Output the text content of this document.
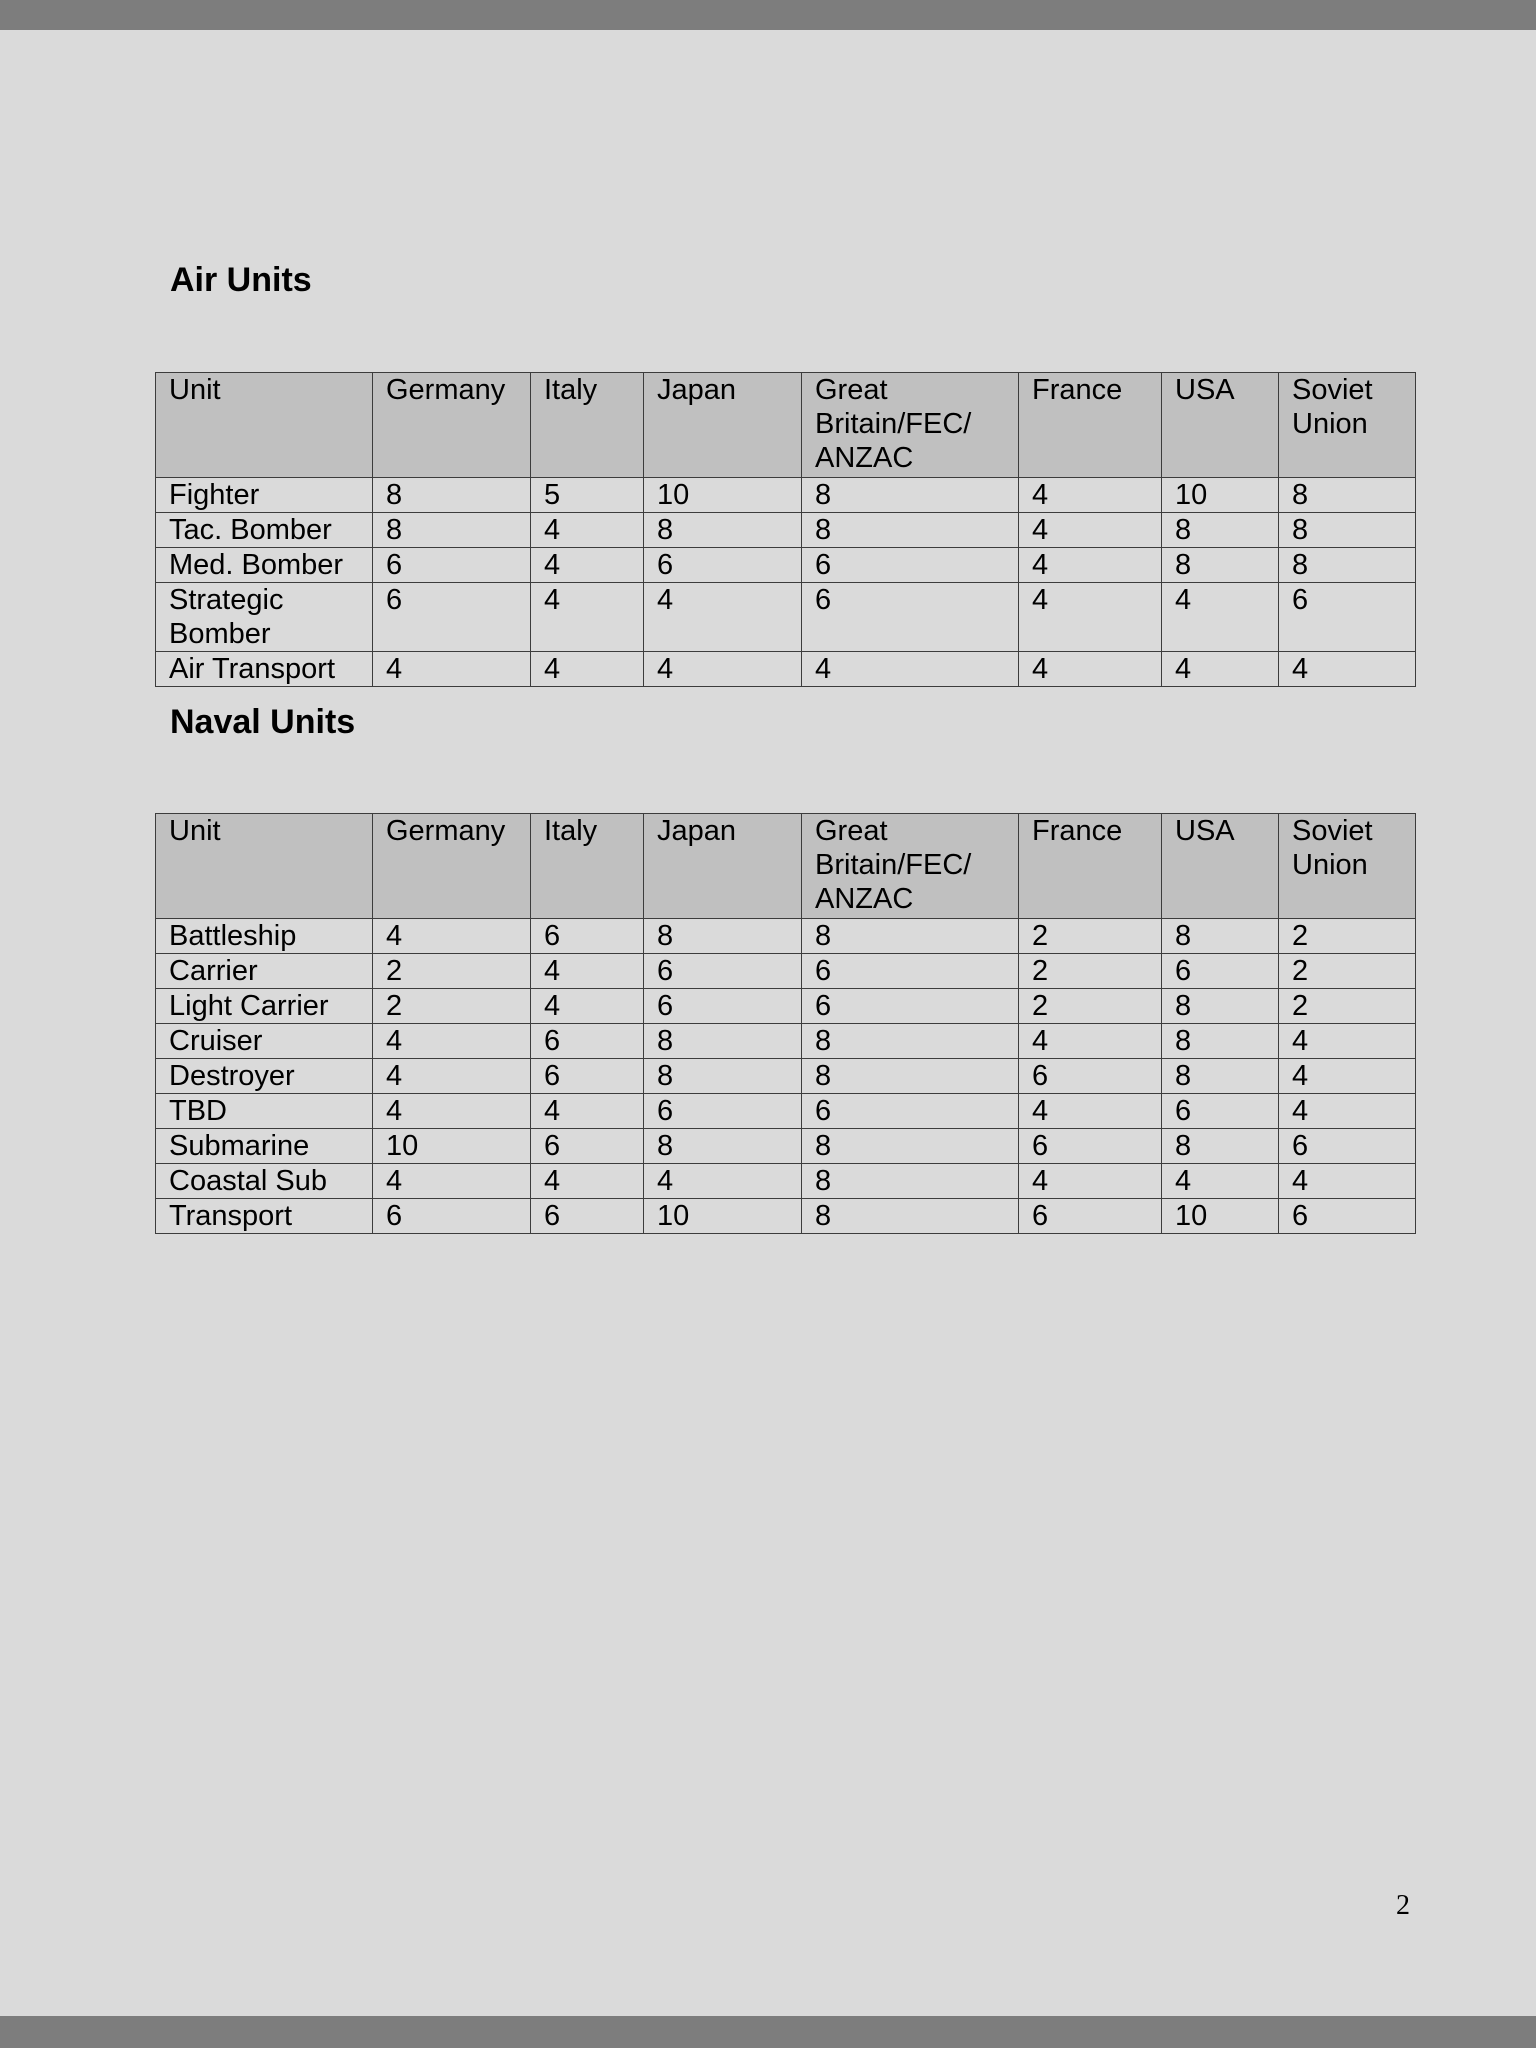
Air Units
Unit	Germany	Italy	Japan	Great Britain/FEC/ ANZAC	France	USA	Soviet Union
Fighter	8	5	10	8	4	10	8
Tac. Bomber	8	4	8	8	4	8	8
Med. Bomber	6	4	6	6	4	8	8
Strategic Bomber	6	4	4	6	4	4	6
Air Transport	4	4	4	4	4	4	4
Naval Units
Unit	Germany	Italy	Japan	Great Britain/FEC/ ANZAC	France	USA	Soviet Union
Battleship	4	6	8	8	2	8	2
Carrier	2	4	6	6	2	6	2
Light Carrier	2	4	6	6	2	8	2
Cruiser	4	6	8	8	4	8	4
Destroyer	4	6	8	8	6	8	4
TBD	4	4	6	6	4	6	4
Submarine	10	6	8	8	6	8	6
Coastal Sub	4	4	4	8	4	4	4
Transport	6	6	10	8	6	10	6
2
